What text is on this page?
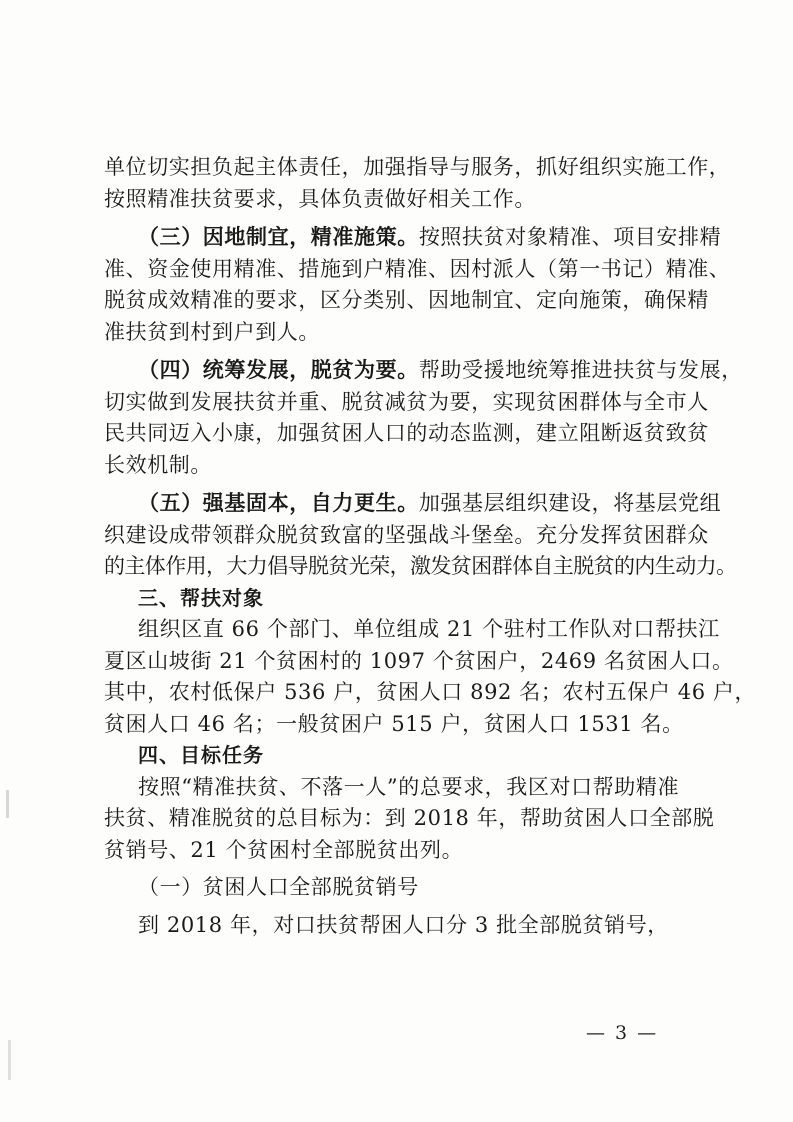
单位切实担负起主体责任，加强指导与服务，抓好组织实施工作，
按照精准扶贫要求，具体负责做好相关工作。
（三）因地制宜，精准施策。按照扶贫对象精准、项目安排精
准、资金使用精准、措施到户精准、因村派人（第一书记）精准、
脱贫成效精准的要求，区分类别、因地制宜、定向施策，确保精
准扶贫到村到户到人。
（四）统筹发展，脱贫为要。帮助受援地统筹推进扶贫与发展，
切实做到发展扶贫并重、脱贫减贫为要，实现贫困群体与全市人
民共同迈入小康，加强贫困人口的动态监测，建立阻断返贫致贫
长效机制。
（五）强基固本，自力更生。加强基层组织建设，将基层党组
织建设成带领群众脱贫致富的坚强战斗堡垒。充分发挥贫困群众
的主体作用，大力倡导脱贫光荣，激发贫困群体自主脱贫的内生动力。
三、帮扶对象
组织区直 66 个部门、单位组成 21 个驻村工作队对口帮扶江
夏区山坡街 21 个贫困村的 1097 个贫困户，2469 名贫困人口。
其中，农村低保户 536 户，贫困人口 892 名；农村五保户 46 户，
贫困人口 46 名；一般贫困户 515 户，贫困人口 1531 名。
四、目标任务
按照“精准扶贫、不落一人”的总要求，我区对口帮助精准
扶贫、精准脱贫的总目标为：到 2018 年，帮助贫困人口全部脱
贫销号、21 个贫困村全部脱贫出列。
（一）贫困人口全部脱贫销号
到 2018 年，对口扶贫帮困人口分 3 批全部脱贫销号，
— 3 —
